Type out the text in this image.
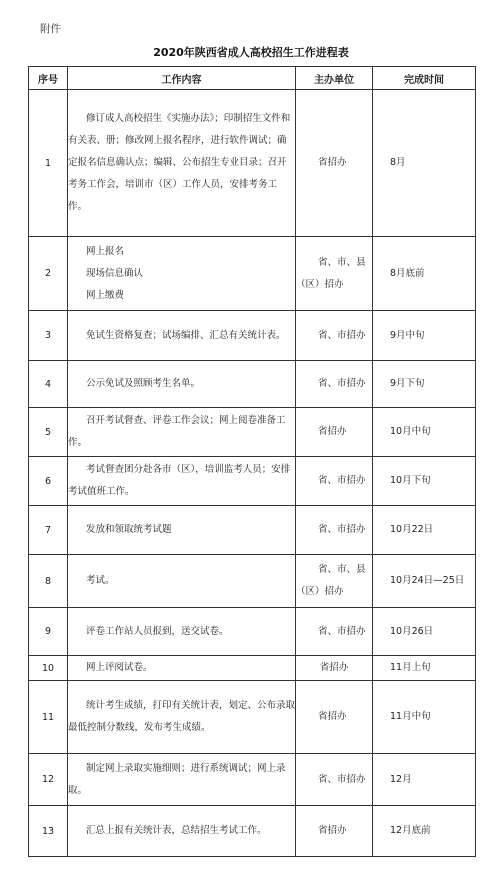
附件
2020年陕西省成人高校招生工作进程表
序号	工作内容	主办单位	完成时间
1	修订成人高校招生《实施办法》；印制招生文件和有关表、册；修改网上报名程序，进行软件调试；确定报名信息确认点；编辑、公布招生专业目录；召开考务工作会，培训市（区）工作人员，安排考务工作。	省招办	8月

2	网上报名
现场信息确认
网上缴费	省、市、县（区）招办	8月底前

3	免试生资格复查；试场编排、汇总有关统计表。	省、市招办	9月中旬

4	公示免试及照顾考生名单。	省、市招办	9月下旬

5	召开考试督查、评卷工作会议；网上阅卷准备工作。	省招办	10月中旬

6	考试督查团分赴各市（区），培训监考人员；安排考试值班工作。	省、市招办	10月下旬

7	发放和领取统考试题	省、市招办	10月22日

8	考试。	省、市、县（区）招办	10月24日—25日

9	评卷工作站人员报到，送交试卷。	省、市招办	10月26日

10	网上评阅试卷。	省招办	11月上旬

11	统计考生成绩，打印有关统计表，划定、公布录取最低控制分数线，发布考生成绩。	省招办	11月中旬

12	制定网上录取实施细则；进行系统调试；网上录取。	省、市招办	12月

13	汇总上报有关统计表，总结招生考试工作。	省招办	12月底前
